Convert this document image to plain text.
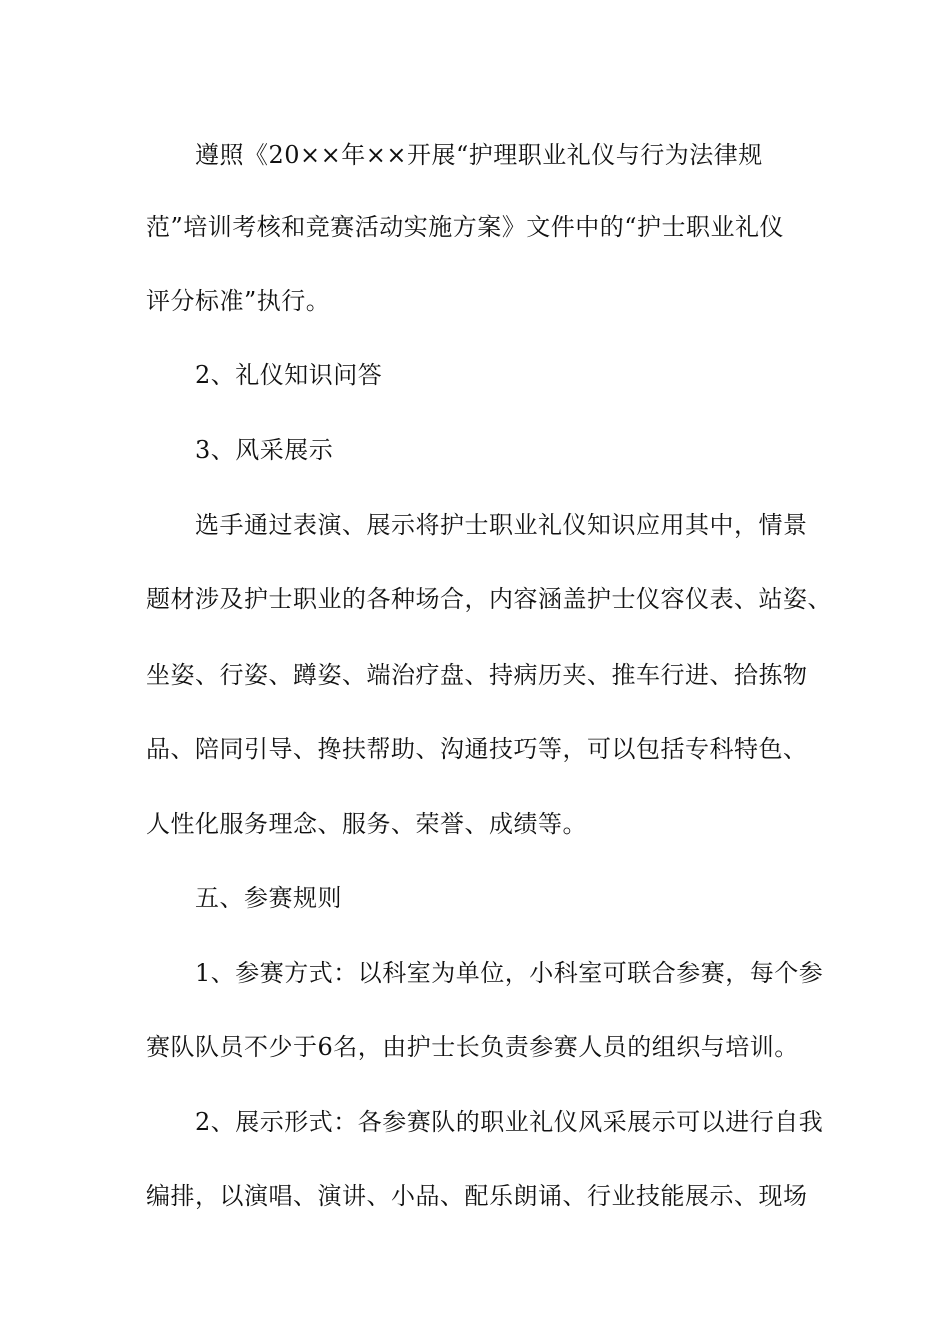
遵照《20××年××开展“护理职业礼仪与行为法律规
范”培训考核和竞赛活动实施方案》文件中的“护士职业礼仪
评分标准”执行。
2、礼仪知识问答
3、风采展示
选手通过表演、展示将护士职业礼仪知识应用其中，情景
题材涉及护士职业的各种场合，内容涵盖护士仪容仪表、站姿、
坐姿、行姿、蹲姿、端治疗盘、持病历夹、推车行进、拾拣物
品、陪同引导、搀扶帮助、沟通技巧等，可以包括专科特色、
人性化服务理念、服务、荣誉、成绩等。
五、参赛规则
1、参赛方式：以科室为单位，小科室可联合参赛，每个参
赛队队员不少于6名，由护士长负责参赛人员的组织与培训。
2、展示形式：各参赛队的职业礼仪风采展示可以进行自我
编排，以演唱、演讲、小品、配乐朗诵、行业技能展示、现场
